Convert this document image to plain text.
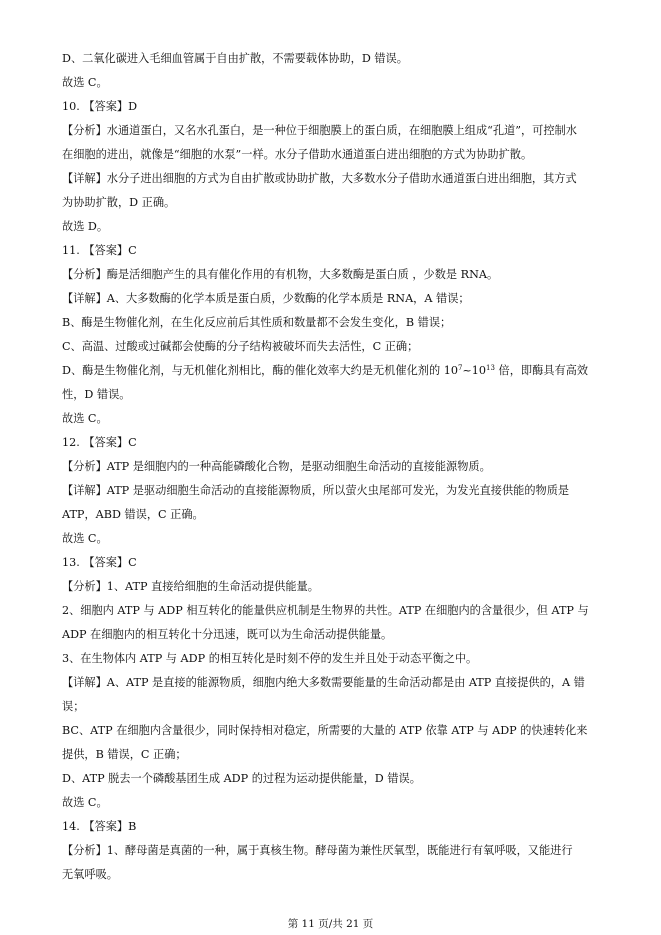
D、二氧化碳进入毛细血管属于自由扩散，不需要载体协助，D 错误。

故选 C。

10. 【答案】D

【分析】水通道蛋白，又名水孔蛋白，是一种位于细胞膜上的蛋白质，在细胞膜上组成“孔道”，可控制水

在细胞的进出，就像是“细胞的水泵”一样。水分子借助水通道蛋白进出细胞的方式为协助扩散。

【详解】水分子进出细胞的方式为自由扩散或协助扩散，大多数水分子借助水通道蛋白进出细胞，其方式

为协助扩散，D 正确。

故选 D。

11. 【答案】C

【分析】酶是活细胞产生的具有催化作用的有机物，大多数酶是蛋白质 ，少数是 RNA。

【详解】A、大多数酶的化学本质是蛋白质，少数酶的化学本质是 RNA，A 错误；

B、酶是生物催化剂，在生化反应前后其性质和数量都不会发生变化，B 错误；

C、高温、过酸或过碱都会使酶的分子结构被破坏而失去活性，C 正确；

D、酶是生物催化剂，与无机催化剂相比，酶的催化效率大约是无机催化剂的 $10^7\sim 10^{13}$ 倍，即酶具有高效

性，D 错误。

故选 C。

12. 【答案】C

【分析】ATP 是细胞内的一种高能磷酸化合物，是驱动细胞生命活动的直接能源物质。

【详解】ATP 是驱动细胞生命活动的直接能源物质，所以萤火虫尾部可发光，为发光直接供能的物质是

ATP，ABD 错误，C 正确。

故选 C。

13. 【答案】C

【分析】1、ATP 直接给细胞的生命活动提供能量。

2、细胞内 ATP 与 ADP 相互转化的能量供应机制是生物界的共性。ATP 在细胞内的含量很少，但 ATP 与

ADP 在细胞内的相互转化十分迅速，既可以为生命活动提供能量。

3、在生物体内 ATP 与 ADP 的相互转化是时刻不停的发生并且处于动态平衡之中。

【详解】A、ATP 是直接的能源物质，细胞内绝大多数需要能量的生命活动都是由 ATP 直接提供的，A 错

误；

BC、ATP 在细胞内含量很少，同时保持相对稳定，所需要的大量的 ATP 依靠 ATP 与 ADP 的快速转化来

提供，B 错误，C 正确；

D、ATP 脱去一个磷酸基团生成 ADP 的过程为运动提供能量，D 错误。

故选 C。

14. 【答案】B

【分析】1、酵母菌是真菌的一种，属于真核生物。酵母菌为兼性厌氧型，既能进行有氧呼吸，又能进行

无氧呼吸。

第 11 页/共 21 页
